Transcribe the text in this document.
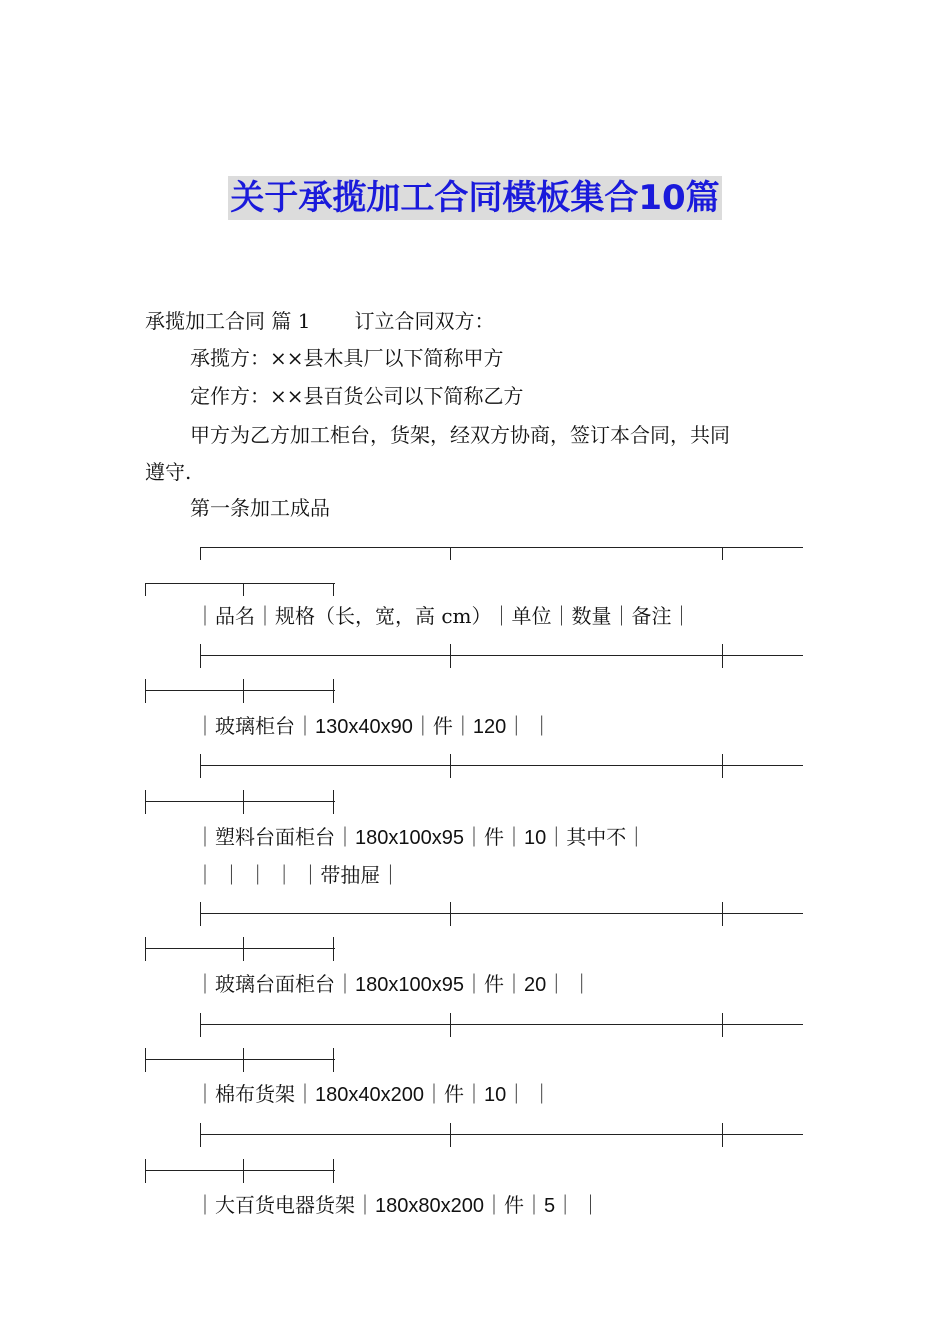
关于承揽加工合同模板集合10篇
承揽加工合同 篇 1 订立合同双方：
承揽方：××县木具厂以下简称甲方
定作方：××县百货公司以下简称乙方
甲方为乙方加工柜台，货架，经双方协商，签订本合同，共同
遵守.
第一条加工成品
｜品名｜规格（长，宽，高 cm）｜单位｜数量｜备注｜
｜玻璃柜台｜130x40x90｜件｜120｜ ｜
｜塑料台面柜台｜180x100x95｜件｜10｜其中不｜
｜ ｜ ｜ ｜ ｜带抽屉｜
｜玻璃台面柜台｜180x100x95｜件｜20｜ ｜
｜棉布货架｜180x40x200｜件｜10｜ ｜
｜大百货电器货架｜180x80x200｜件｜5｜ ｜
